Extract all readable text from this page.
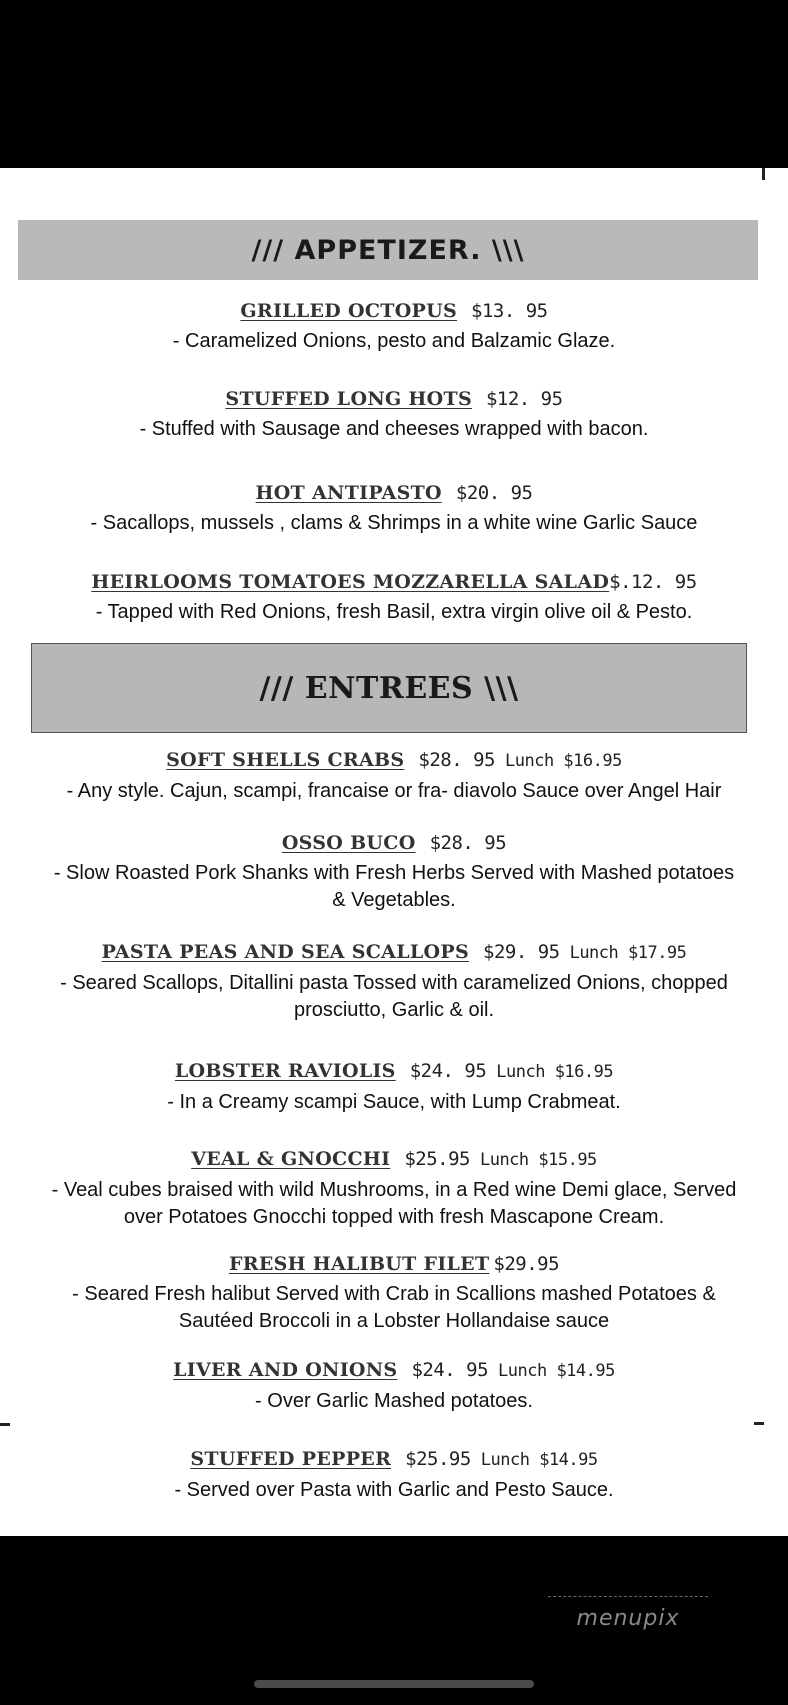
/// APPETIZER. \\\
GRILLED OCTOPUS $13. 95
- Caramelized Onions, pesto and Balzamic Glaze.
STUFFED LONG HOTS $12. 95
- Stuffed with Sausage and cheeses wrapped with bacon.
HOT ANTIPASTO $20. 95
- Sacallops, mussels , clams & Shrimps in a white wine Garlic Sauce
HEIRLOOMS TOMATOES MOZZARELLA SALAD$.12. 95
- Tapped with Red Onions, fresh Basil, extra virgin olive oil & Pesto.
/// ENTREES \\\
SOFT SHELLS CRABS $28. 95 Lunch $16.95
- Any style. Cajun, scampi, francaise or fra- diavolo Sauce over Angel Hair
OSSO BUCO $28. 95
- Slow Roasted Pork Shanks with Fresh Herbs Served with Mashed potatoes & Vegetables.
PASTA PEAS AND SEA SCALLOPS $29. 95 Lunch $17.95
- Seared Scallops, Ditallini pasta Tossed with caramelized Onions, chopped prosciutto, Garlic & oil.
LOBSTER RAVIOLIS $24. 95 Lunch $16.95
- In a Creamy scampi Sauce, with Lump Crabmeat.
VEAL & GNOCCHI $25.95 Lunch $15.95
- Veal cubes braised with wild Mushrooms, in a Red wine Demi glace, Served over Potatoes Gnocchi topped with fresh Mascapone Cream.
FRESH HALIBUT FILET $29.95
- Seared Fresh halibut Served with Crab in Scallions mashed Potatoes & Sautéed Broccoli in a Lobster Hollandaise sauce
LIVER AND ONIONS $24. 95 Lunch $14.95
- Over Garlic Mashed potatoes.
STUFFED PEPPER $25.95 Lunch $14.95
- Served over Pasta with Garlic and Pesto Sauce.
menupix
